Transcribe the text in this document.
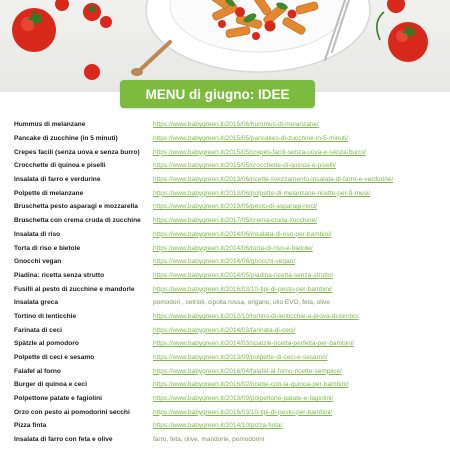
MENU di giugno: IDEE
Hummus di melanzane	https://www.babygreen.it/2015/06/hummus-di-melanzane/
Pancake di zucchine (in 5 minuti)	https://www.babygreen.it/2015/05/pancakes-di-zucchine-in-5-minuti/
Crepes facili (senza uova e senza burro)	https://www.babygreen.it/2015/05/crepes-facili-senza-uova-e-senza-burro/
Crocchette di quinoa e piselli	https://www.babygreen.it/2015/05/crocchette-di-quinoa-e-piselli/
Insalata di farro e verdurine	https://www.babygreen.it/2013/06/ricette-svezzamento-insalata-di-farro-e-verdurine/
Polpette di melanzane	https://www.babygreen.it/2013/06/polpette-di-melanzane-ricette-per-9-mesi/
Bruschetta pesto asparagi e mozzarella	https://www.babygreen.it/2019/05/pesto-di-asparagi-noci/
Bruschetta con crema cruda di zucchine	https://www.babygreen.it/2017/05/crema-cruda-zucchine/
Insalata di riso	https://www.babygreen.it/2014/06/insalata-di-riso-per-bambini/
Torta di riso e bietole	https://www.babygreen.it/2014/06/torta-di-riso-e-bietole/
Gnocchi vegan	https://www.babygreen.it/2014/06/gnocchi-vegan/
Piadina: ricetta senza strutto	https://www.babygreen.it/2014/05/piadina-ricetta-senza-strutto/
Fusilli al pesto di zucchine e mandorle	https://www.babygreen.it/2016/03/10-tipi-di-pesto-per-bambini/
Insalata greca	pomodori , cetrioli, cipolla rossa, origano, olio EVO, feta, olive
Tortino di lenticchie	https://www.babygreen.it/2012/10/tortino-di-lenticchie-a-prova-di-bimbo/
Farinata di ceci	https://www.babygreen.it/2014/03/farinata-di-ceci/
Spätzle al pomodoro	https://www.babygreen.it/2014/03/spatzle-ricetta-perfetta-per-bambini/
Polpette di ceci e sesamo	https://www.babygreen.it/2013/09/polpette-di-ceci-e-sesamo/
Falafel al forno	https://www.babygreen.it/2016/04/falafel-al-forno-ricette-semplice/
Burger di quinoa e ceci	https://www.babygreen.it/2016/02/ricette-con-la-quinoa-per-bambini/
Polpettone patate e fagiolini	https://www.babygreen.it/2013/09/polpettone-patate-e-fagiolini/
Orzo con pesto ai pomodorini secchi	https://www.babygreen.it/2016/03/10-tipi-di-pesto-per-bambini/
Pizza finta	https://www.babygreen.it/2014/10/pizza-finta/
Insalata di farro con feta e olive	farro, feta, olive, mandorle, pomodorini
